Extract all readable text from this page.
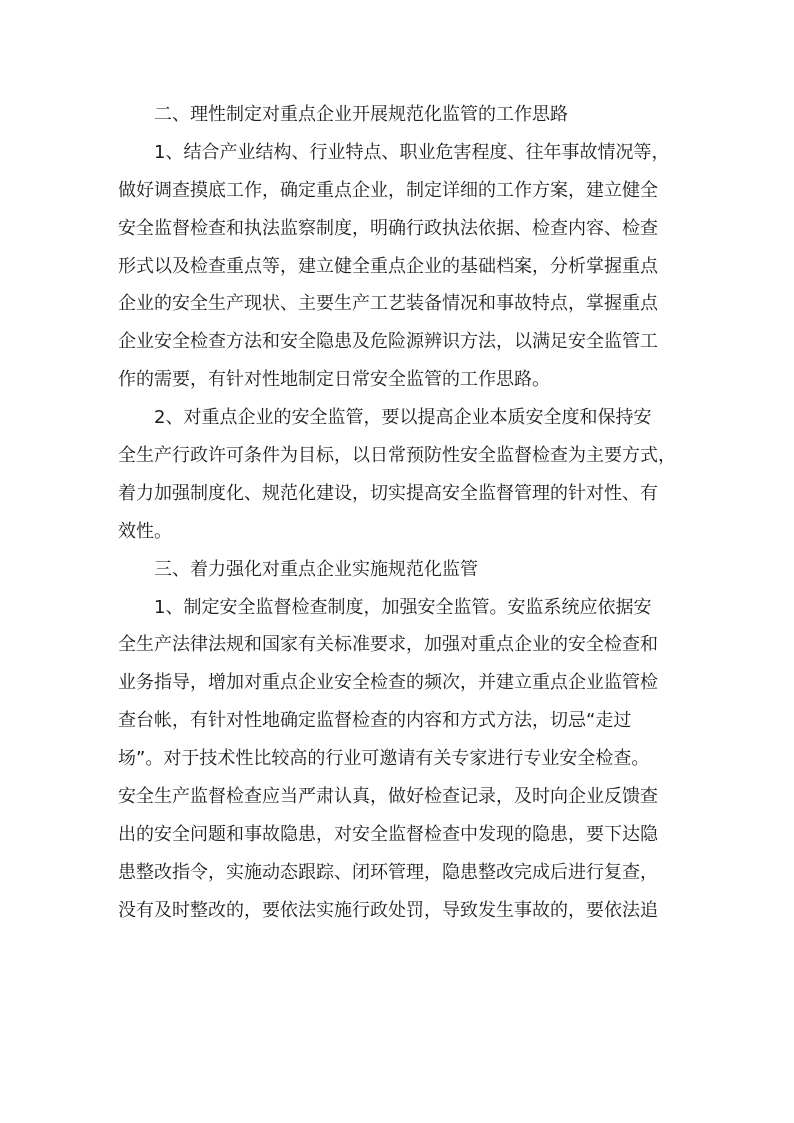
二、理性制定对重点企业开展规范化监管的工作思路
1、结合产业结构、行业特点、职业危害程度、往年事故情况等，
做好调查摸底工作，确定重点企业，制定详细的工作方案，建立健全
安全监督检查和执法监察制度，明确行政执法依据、检查内容、检查
形式以及检查重点等，建立健全重点企业的基础档案，分析掌握重点
企业的安全生产现状、主要生产工艺装备情况和事故特点，掌握重点
企业安全检查方法和安全隐患及危险源辨识方法，以满足安全监管工
作的需要，有针对性地制定日常安全监管的工作思路。
2、对重点企业的安全监管，要以提高企业本质安全度和保持安
全生产行政许可条件为目标，以日常预防性安全监督检查为主要方式，
着力加强制度化、规范化建设，切实提高安全监督管理的针对性、有
效性。
三、着力强化对重点企业实施规范化监管
1、制定安全监督检查制度，加强安全监管。安监系统应依据安
全生产法律法规和国家有关标准要求，加强对重点企业的安全检查和
业务指导，增加对重点企业安全检查的频次，并建立重点企业监管检
查台帐，有针对性地确定监督检查的内容和方式方法，切忌“走过
场”。对于技术性比较高的行业可邀请有关专家进行专业安全检查。
安全生产监督检查应当严肃认真，做好检查记录，及时向企业反馈查
出的安全问题和事故隐患，对安全监督检查中发现的隐患，要下达隐
患整改指令，实施动态跟踪、闭环管理，隐患整改完成后进行复查，
没有及时整改的，要依法实施行政处罚，导致发生事故的，要依法追
